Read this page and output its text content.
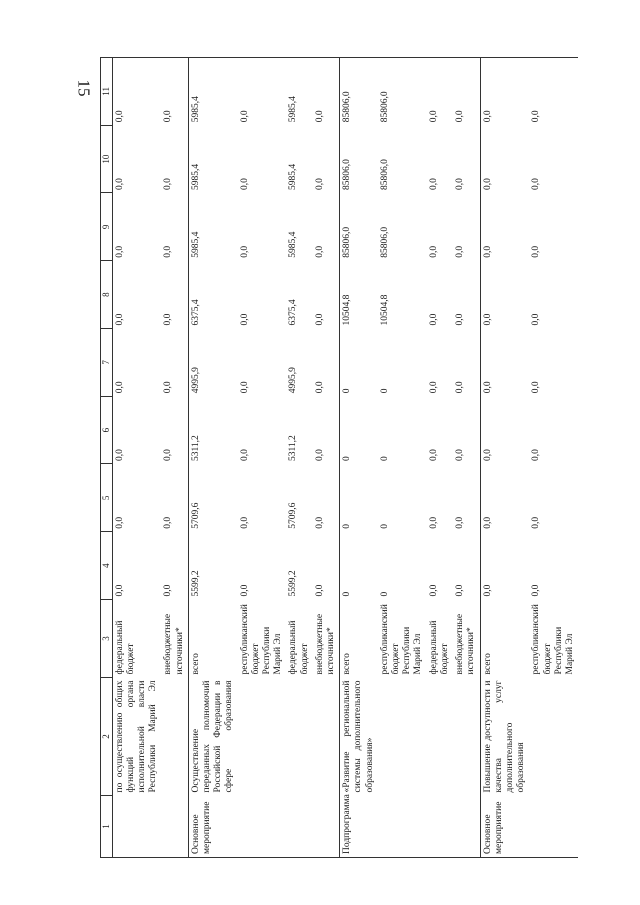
15
1	2	3	4	5	6	7	8	9	10	11
	по осуществлению общих функций органа исполнительной власти Республики Марий Эл	федеральный бюджет	0,0	0,0	0,0	0,0	0,0	0,0	0,0	0,0
		внебюджетные источники*	0,0	0,0	0,0	0,0	0,0	0,0	0,0	0,0
Основное мероприятие	Осуществление переданных полномочий Российской Федерации в сфере образования	всего	5599,2	5709,6	5311,2	4995,9	6375,4	5985,4	5985,4	5985,4
		республиканский бюджет Республики Марий Эл	0,0	0,0	0,0	0,0	0,0	0,0	0,0	0,0
		федеральный бюджет	5599,2	5709,6	5311,2	4995,9	6375,4	5985,4	5985,4	5985,4
		внебюджетные источники*	0,0	0,0	0,0	0,0	0,0	0,0	0,0	0,0
Подпрограмма	«Развитие региональной системы дополнительного образования»	всего	0	0	0	0	10504,8	85806,0	85806,0	85806,0
		республиканский бюджет Республики Марий Эл	0	0	0	0	10504,8	85806,0	85806,0	85806,0
		федеральный бюджет	0,0	0,0	0,0	0,0	0,0	0,0	0,0	0,0
		внебюджетные источники*	0,0	0,0	0,0	0,0	0,0	0,0	0,0	0,0
Основное мероприятие	Повышение доступности и качества услуг дополнительного образования	всего	0,0	0,0	0,0	0,0	0,0	0,0	0,0	0,0
		республиканский бюджет Республики Марий Эл	0,0	0,0	0,0	0,0	0,0	0,0	0,0	0,0
